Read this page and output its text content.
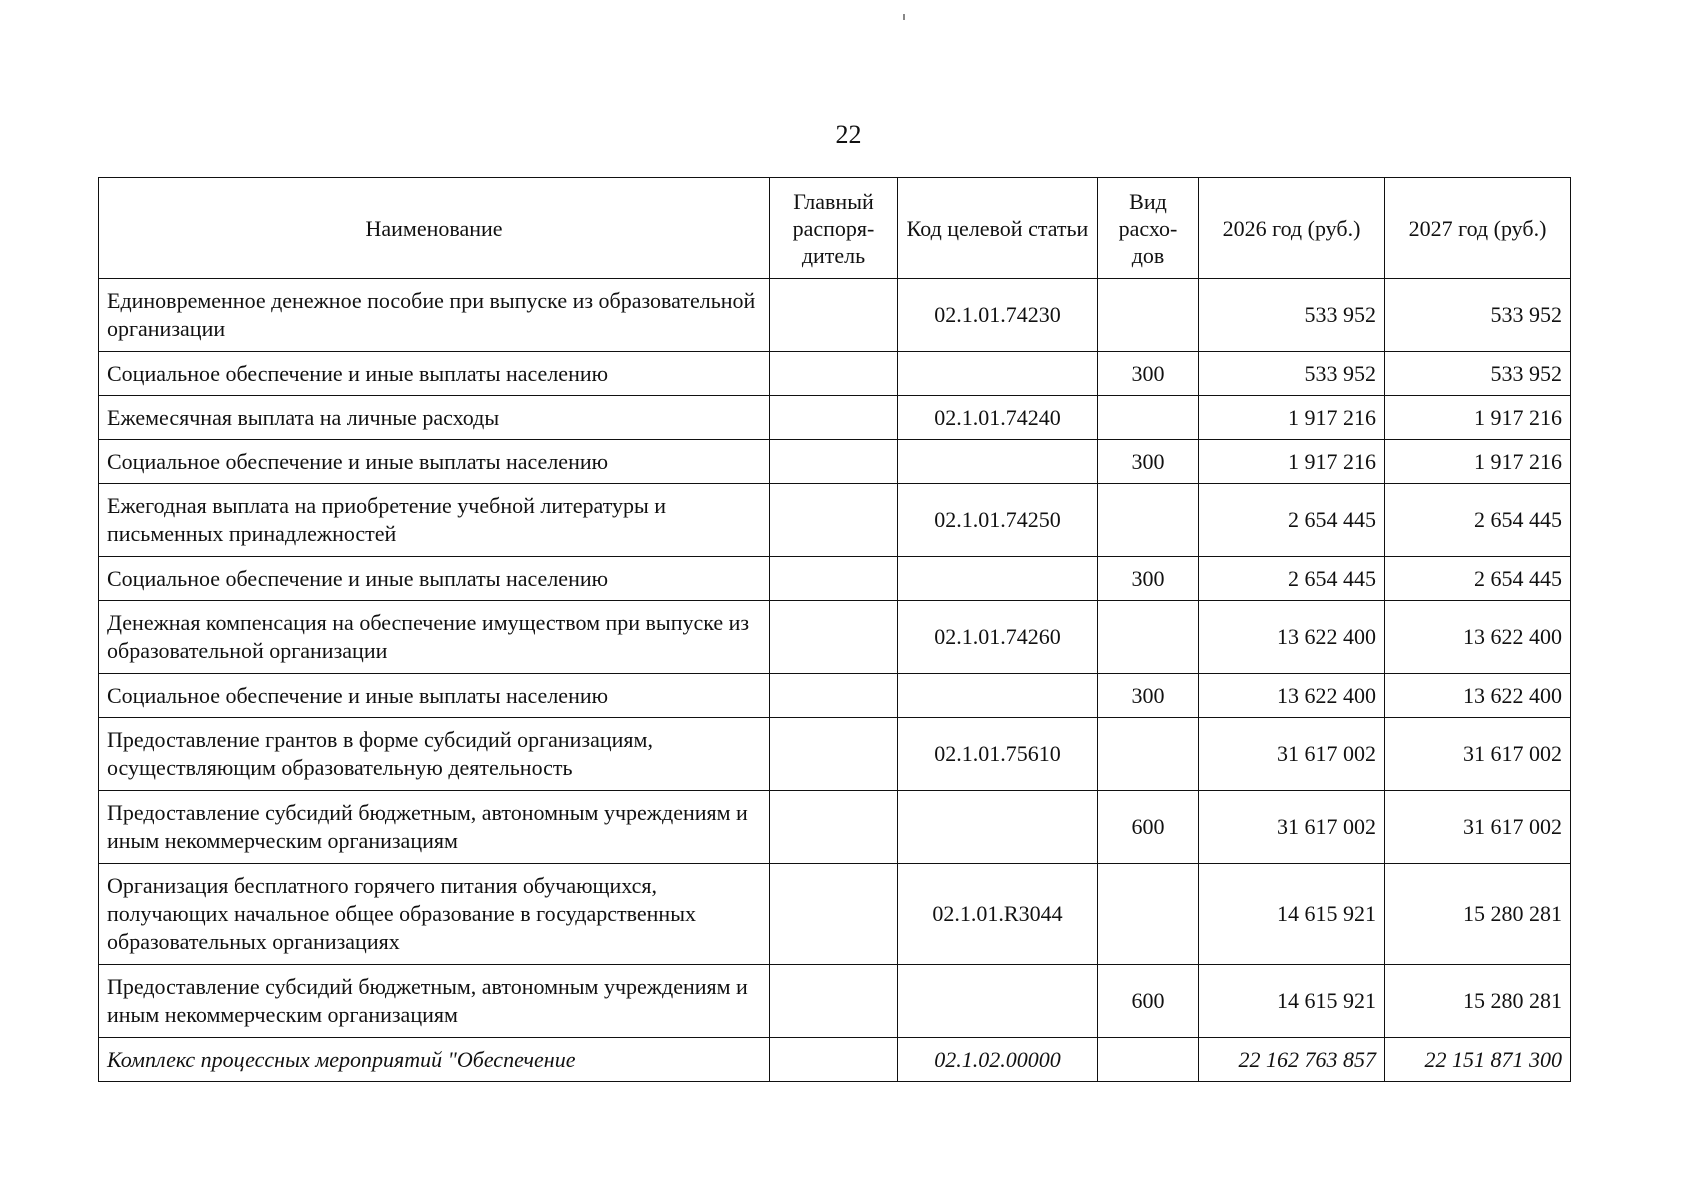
22
Наименование	Главный распоря-дитель	Код целевой статьи	Вид расхо-дов	2026 год (руб.)	2027 год (руб.)
Единовременное денежное пособие при выпуске из образовательной организации		02.1.01.74230		533 952	533 952
Социальное обеспечение и иные выплаты населению			300	533 952	533 952
Ежемесячная выплата на личные расходы		02.1.01.74240		1 917 216	1 917 216
Социальное обеспечение и иные выплаты населению			300	1 917 216	1 917 216
Ежегодная выплата на приобретение учебной литературы и письменных принадлежностей		02.1.01.74250		2 654 445	2 654 445
Социальное обеспечение и иные выплаты населению			300	2 654 445	2 654 445
Денежная компенсация на обеспечение имуществом при выпуске из образовательной организации		02.1.01.74260		13 622 400	13 622 400
Социальное обеспечение и иные выплаты населению			300	13 622 400	13 622 400
Предоставление грантов в форме субсидий организациям, осуществляющим образовательную деятельность		02.1.01.75610		31 617 002	31 617 002
Предоставление субсидий бюджетным, автономным учреждениям и иным некоммерческим организациям			600	31 617 002	31 617 002
Организация бесплатного горячего питания обучающихся, получающих начальное общее образование в государственных образовательных организациях		02.1.01.R3044		14 615 921	15 280 281
Предоставление субсидий бюджетным, автономным учреждениям и иным некоммерческим организациям			600	14 615 921	15 280 281
Комплекс процессных мероприятий "Обеспечение		02.1.02.00000		22 162 763 857	22 151 871 300
